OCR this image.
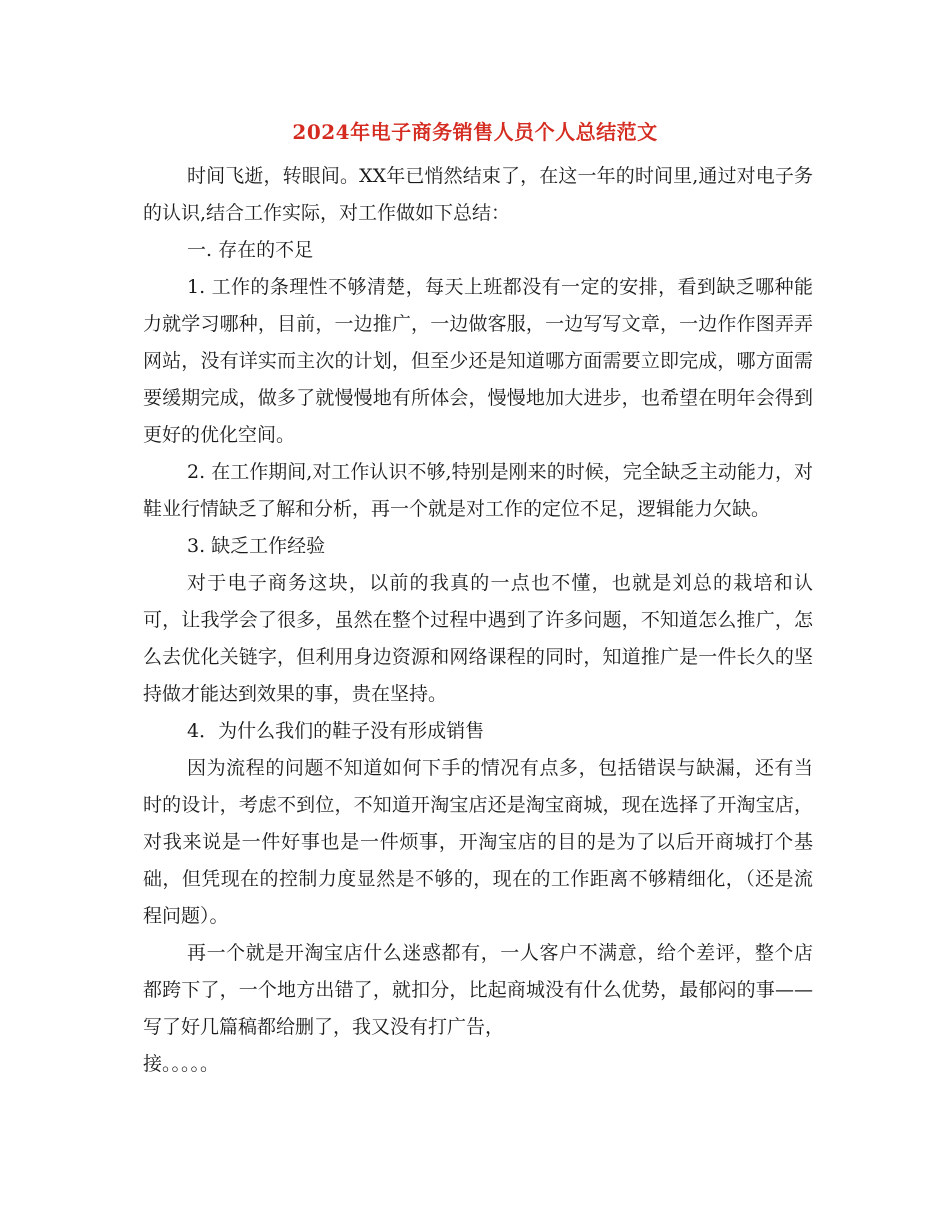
2024年电子商务销售人员个人总结范文

时间飞逝，转眼间。XX年已悄然结束了，在这一年的时间里,通过对电子务的认识,结合工作实际，对工作做如下总结：

一. 存在的不足

1. 工作的条理性不够清楚，每天上班都没有一定的安排，看到缺乏哪种能力就学习哪种，目前，一边推广，一边做客服，一边写写文章，一边作作图弄弄网站，没有详实而主次的计划，但至少还是知道哪方面需要立即完成，哪方面需要缓期完成，做多了就慢慢地有所体会，慢慢地加大进步，也希望在明年会得到更好的优化空间。

2. 在工作期间,对工作认识不够,特别是刚来的时候，完全缺乏主动能力，对鞋业行情缺乏了解和分析，再一个就是对工作的定位不足，逻辑能力欠缺。

3. 缺乏工作经验

对于电子商务这块，以前的我真的一点也不懂，也就是刘总的栽培和认可，让我学会了很多，虽然在整个过程中遇到了许多问题，不知道怎么推广，怎么去优化关链字，但利用身边资源和网络课程的同时，知道推广是一件长久的坚持做才能达到效果的事，贵在坚持。

4．为什么我们的鞋子没有形成销售

因为流程的问题不知道如何下手的情况有点多，包括错误与缺漏，还有当时的设计，考虑不到位，不知道开淘宝店还是淘宝商城，现在选择了开淘宝店，对我来说是一件好事也是一件烦事，开淘宝店的目的是为了以后开商城打个基础，但凭现在的控制力度显然是不够的，现在的工作距离不够精细化，（还是流程问题）。

再一个就是开淘宝店什么迷惑都有，一人客户不满意，给个差评，整个店都跨下了，一个地方出错了，就扣分，比起商城没有什么优势，最郁闷的事——写了好几篇稿都给删了，我又没有打广告，

接。。。。。
